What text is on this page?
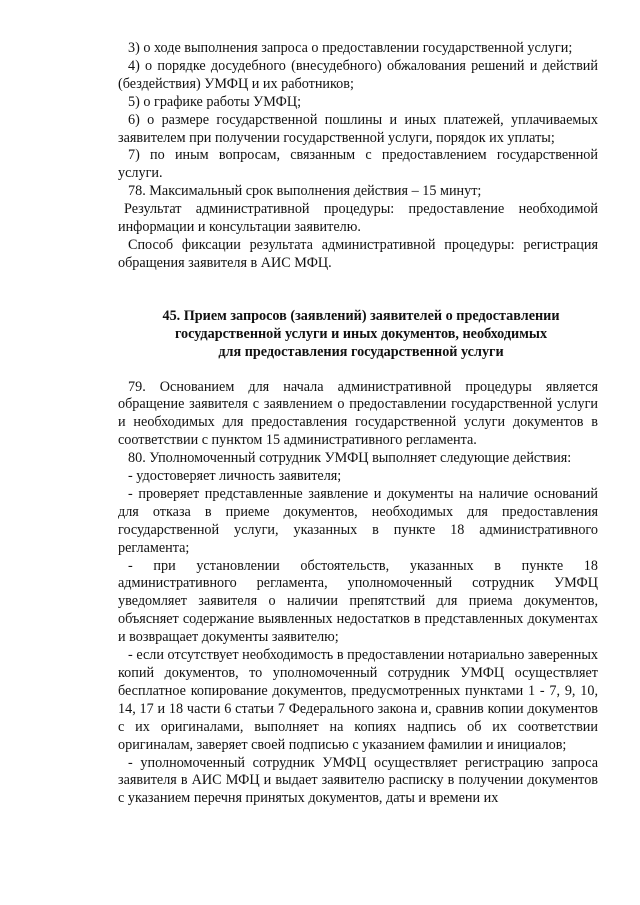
3) о ходе выполнения запроса о предоставлении государственной услуги;

4) о порядке досудебного (внесудебного) обжалования решений и действий (бездействия) УМФЦ и их работников;

5) о графике работы УМФЦ;

6) о размере государственной пошлины и иных платежей, уплачиваемых заявителем при получении государственной услуги, порядок их уплаты;

7) по иным вопросам, связанным с предоставлением государственной услуги.

78. Максимальный срок выполнения действия – 15 минут;

Результат административной процедуры: предоставление необходимой информации и консультации заявителю.

Способ фиксации результата административной процедуры: регистрация обращения заявителя в АИС МФЦ.

45. Прием запросов (заявлений) заявителей о предоставлении

государственной услуги и иных документов, необходимых

для предоставления государственной услуги

79. Основанием для начала административной процедуры является обращение заявителя с заявлением о предоставлении государственной услуги и необходимых для предоставления государственной услуги документов в соответствии с пунктом 15 административного регламента.

80. Уполномоченный сотрудник УМФЦ выполняет следующие действия:

- удостоверяет личность заявителя;

- проверяет представленные заявление и документы на наличие оснований для отказа в приеме документов, необходимых для предоставления государственной услуги, указанных в пункте 18 административного регламента;

- при установлении обстоятельств, указанных в пункте 18 административного регламента, уполномоченный сотрудник УМФЦ уведомляет заявителя о наличии препятствий для приема документов, объясняет содержание выявленных недостатков в представленных документах и возвращает документы заявителю;

- если отсутствует необходимость в предоставлении нотариально заверенных копий документов, то уполномоченный сотрудник УМФЦ осуществляет бесплатное копирование документов, предусмотренных пунктами 1 - 7, 9, 10, 14, 17 и 18 части 6 статьи 7 Федерального закона и, сравнив копии документов с их оригиналами, выполняет на копиях надпись об их соответствии оригиналам, заверяет своей подписью с указанием фамилии и инициалов;

- уполномоченный сотрудник УМФЦ осуществляет регистрацию запроса заявителя в АИС МФЦ и выдает заявителю расписку в получении документов с указанием перечня принятых документов, даты и времени их
